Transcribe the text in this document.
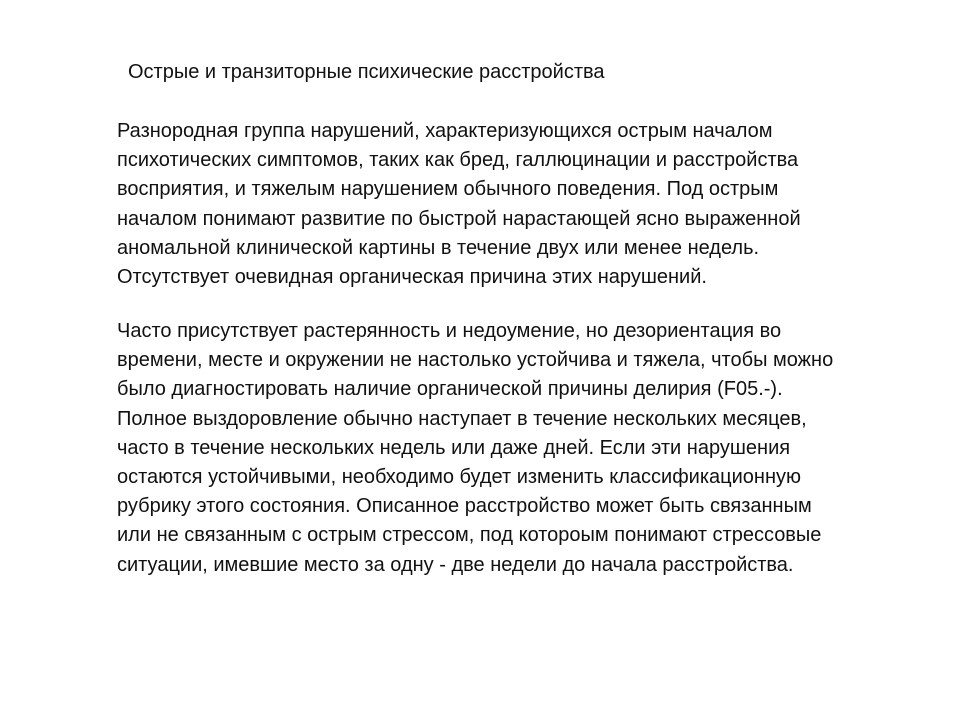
Острые и транзиторные психические расстройства

Разнородная группа нарушений, характеризующихся острым началом
психотических симптомов, таких как бред, галлюцинации и расстройства
восприятия, и тяжелым нарушением обычного поведения. Под острым
началом понимают развитие по быстрой нарастающей ясно выраженной
аномальной клинической картины в течение двух или менее недель.
Отсутствует очевидная органическая причина этих нарушений.

Часто присутствует растерянность и недоумение, но дезориентация во
времени, месте и окружении не настолько устойчива и тяжела, чтобы можно
было диагностировать наличие органической причины делирия (F05.-).
Полное выздоровление обычно наступает в течение нескольких месяцев,
часто в течение нескольких недель или даже дней. Если эти нарушения
остаются устойчивыми, необходимо будет изменить классификационную
рубрику этого состояния. Описанное расстройство может быть связанным
или не связанным с острым стрессом, под котороым понимают стрессовые
ситуации, имевшие место за одну - две недели до начала расстройства.
